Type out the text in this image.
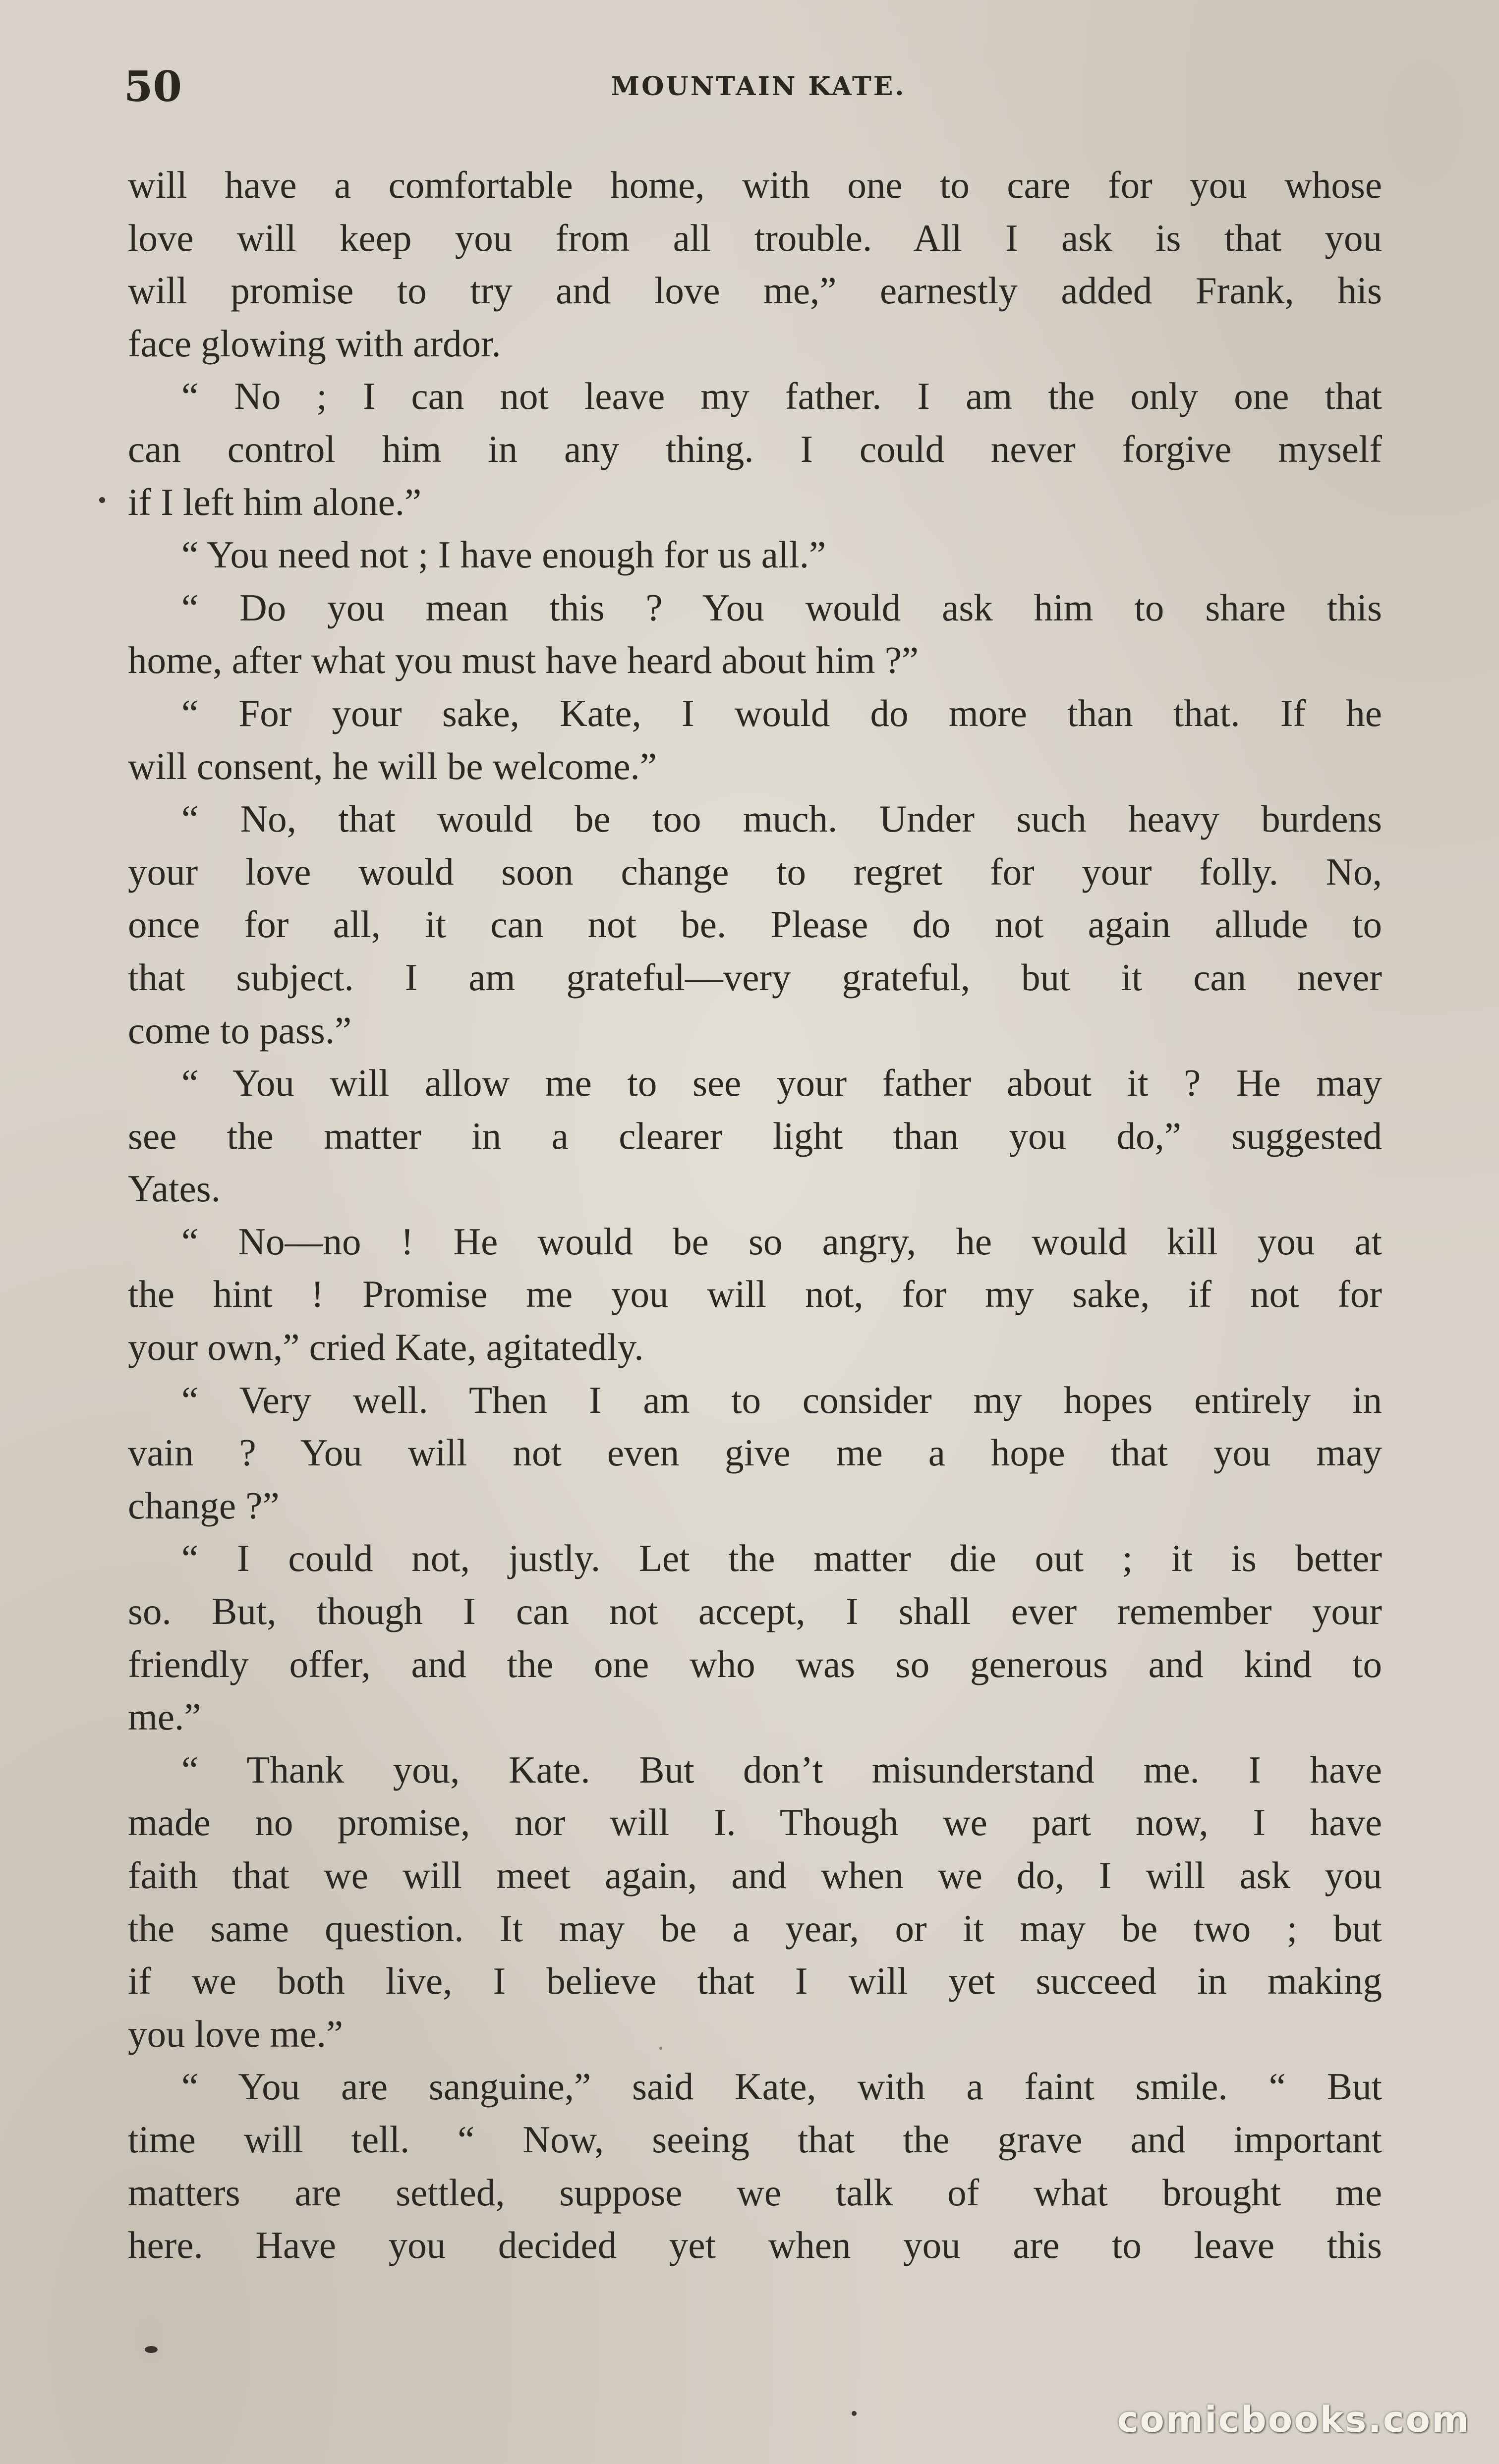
50	MOUNTAIN KATE.
will have a comfortable home, with one to care for you whose
love will keep you from all trouble. All I ask is that you
will promise to try and love me,” earnestly added Frank, his
face glowing with ardor.
“ No ; I can not leave my father. I am the only one that
can control him in any thing. I could never forgive myself
if I left him alone.”
“ You need not ; I have enough for us all.”
“ Do you mean this ? You would ask him to share this
home, after what you must have heard about him ?”
“ For your sake, Kate, I would do more than that. If he
will consent, he will be welcome.”
“ No, that would be too much. Under such heavy burdens
your love would soon change to regret for your folly. No,
once for all, it can not be. Please do not again allude to
that subject. I am grateful—very grateful, but it can never
come to pass.”
“ You will allow me to see your father about it ? He may
see the matter in a clearer light than you do,” suggested
Yates.
“ No—no ! He would be so angry, he would kill you at
the hint ! Promise me you will not, for my sake, if not for
your own,” cried Kate, agitatedly.
“ Very well. Then I am to consider my hopes entirely in
vain ? You will not even give me a hope that you may
change ?”
“ I could not, justly. Let the matter die out ; it is better
so. But, though I can not accept, I shall ever remember your
friendly offer, and the one who was so generous and kind to
me.”
“ Thank you, Kate. But don’t misunderstand me. I have
made no promise, nor will I. Though we part now, I have
faith that we will meet again, and when we do, I will ask you
the same question. It may be a year, or it may be two ; but
if we both live, I believe that I will yet succeed in making
you love me.”
“ You are sanguine,” said Kate, with a faint smile. “ But
time will tell. “ Now, seeing that the grave and important
matters are settled, suppose we talk of what brought me
here. Have you decided yet when you are to leave this
comicbooks.com
